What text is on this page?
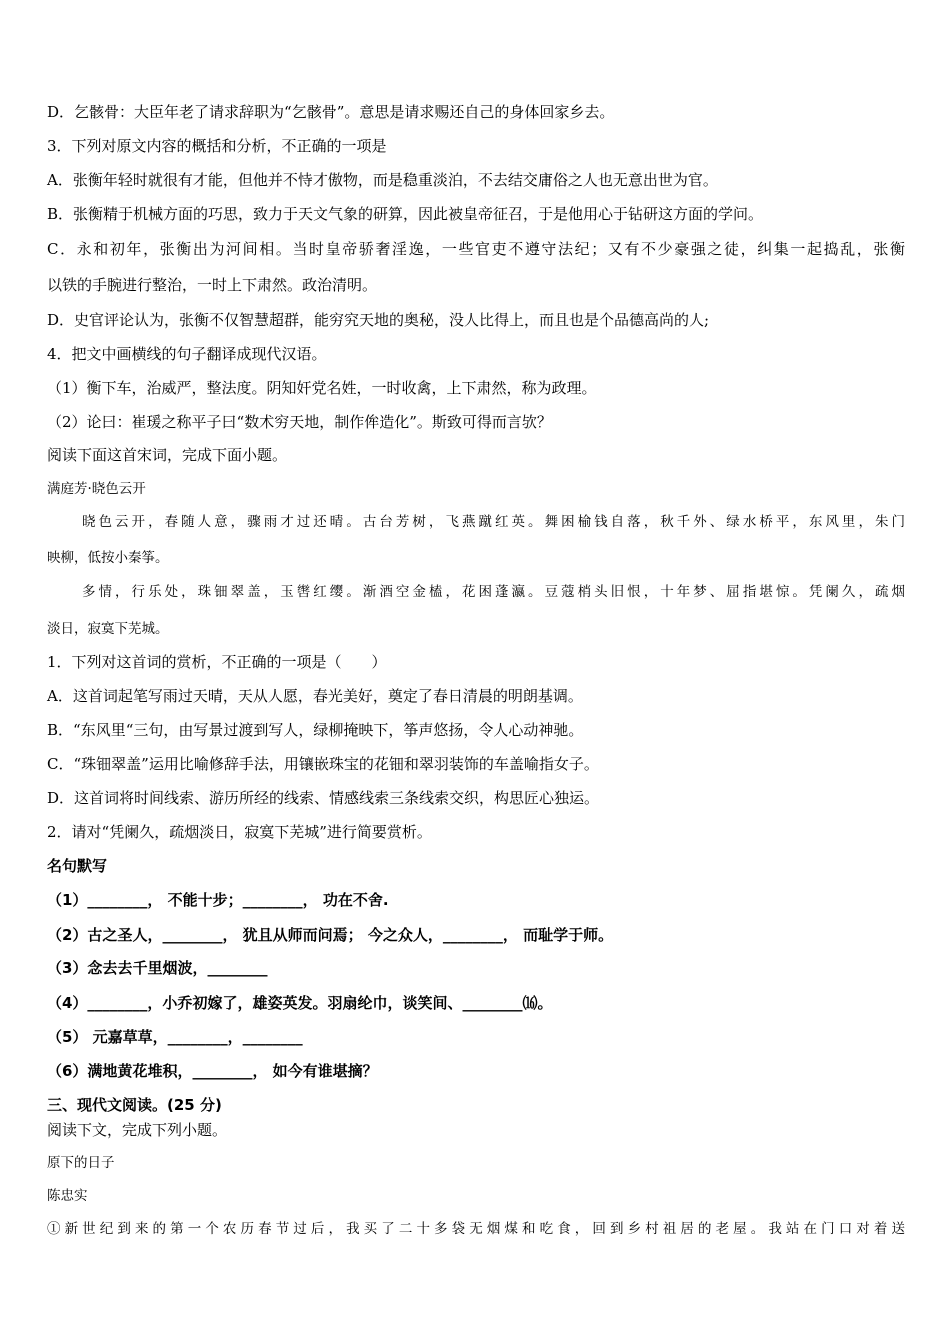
D．乞骸骨：大臣年老了请求辞职为“乞骸骨”。意思是请求赐还自己的身体回家乡去。
3．下列对原文内容的概括和分析，不正确的一项是
A．张衡年轻时就很有才能，但他并不恃才傲物，而是稳重淡泊，不去结交庸俗之人也无意出世为官。
B．张衡精于机械方面的巧思，致力于天文气象的研算，因此被皇帝征召，于是他用心于钻研这方面的学问。
C．永和初年，张衡出为河间相。当时皇帝骄奢淫逸，一些官吏不遵守法纪；又有不少豪强之徒，纠集一起捣乱，张衡
以铁的手腕进行整治，一时上下肃然。政治清明。
D．史官评论认为，张衡不仅智慧超群，能穷究天地的奥秘，没人比得上，而且也是个品德高尚的人;
4．把文中画横线的句子翻译成现代汉语。
（1）衡下车，治威严，整法度。阴知奸党名姓，一时收禽，上下肃然，称为政理。
（2）论曰：崔瑗之称平子曰“数术穷天地，制作侔造化”。斯致可得而言欤？
阅读下面这首宋词，完成下面小题。
满庭芳·晓色云开
晓色云开，春随人意，骤雨才过还晴。古台芳树，飞燕蹴红英。舞困榆钱自落，秋千外、绿水桥平，东风里，朱门
映柳，低按小秦筝。
多情，行乐处，珠钿翠盖，玉辔红缨。渐酒空金榼，花困蓬瀛。豆蔻梢头旧恨，十年梦、屈指堪惊。凭阑久，疏烟
淡日，寂寞下芜城。
1．下列对这首词的赏析，不正确的一项是（　　）
A．这首词起笔写雨过天晴，天从人愿，春光美好，奠定了春日清晨的明朗基调。
B．“东风里“三句，由写景过渡到写人，绿柳掩映下，筝声悠扬，令人心动神驰。
C．“珠钿翠盖”运用比喻修辞手法，用镶嵌珠宝的花钿和翠羽装饰的车盖喻指女子。
D．这首词将时间线索、游历所经的线索、情感线索三条线索交织，构思匠心独运。
2．请对“凭阑久，疏烟淡日，寂寞下芜城”进行简要赏析。
名句默写
（1）________， 不能十步；________， 功在不舍.
（2）古之圣人，________， 犹且从师而问焉； 今之众人，________， 而耻学于师。
（3）念去去千里烟波，________
（4）________，小乔初嫁了，雄姿英发。羽扇纶巾，谈笑间、________⒃。
（5） 元嘉草草，________，________
（6）满地黄花堆积，________， 如今有谁堪摘？
三、现代文阅读。(25 分)
阅读下文，完成下列小题。
原下的日子
陈忠实
①新世纪到来的第一个农历春节过后，我买了二十多袋无烟煤和吃食，回到乡村祖居的老屋。我站在门口对着送
